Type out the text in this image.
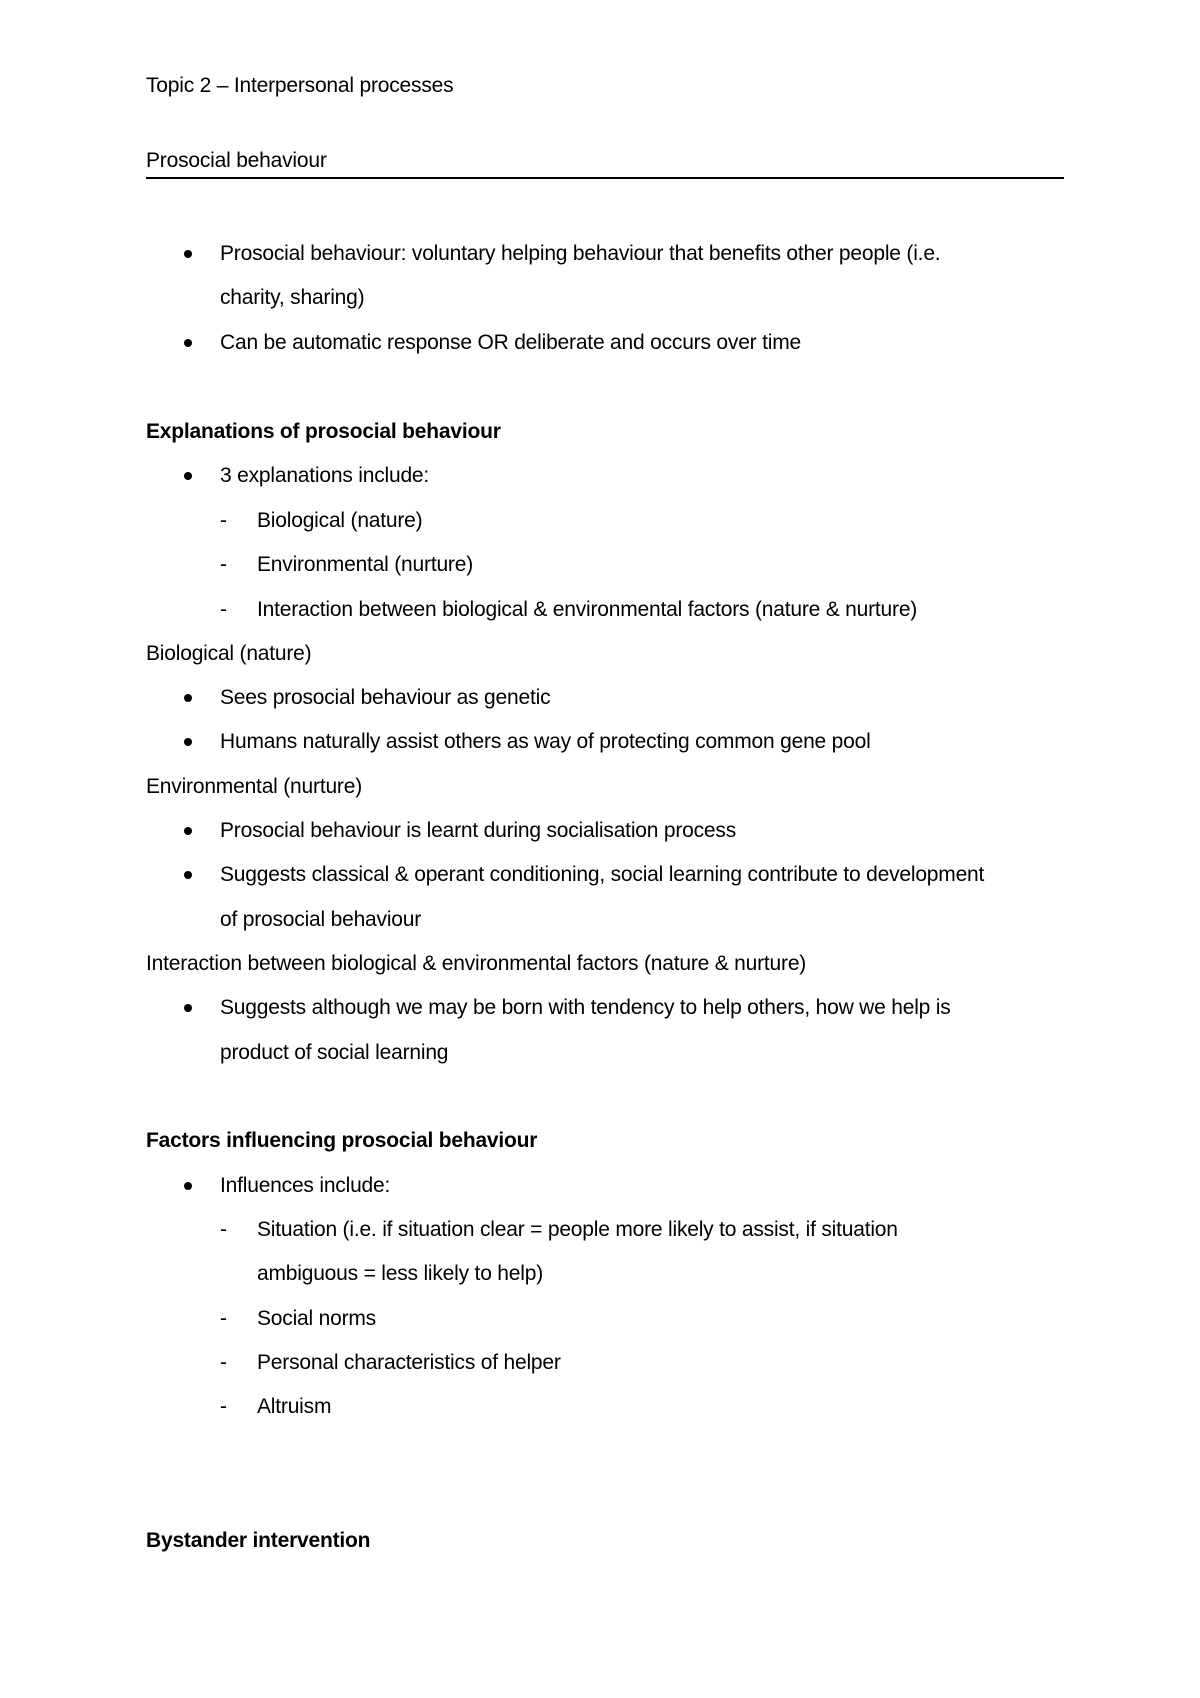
Topic 2 – Interpersonal processes
Prosocial behaviour
Prosocial behaviour: voluntary helping behaviour that benefits other people (i.e.
charity, sharing)
Can be automatic response OR deliberate and occurs over time
Explanations of prosocial behaviour
3 explanations include:
- Biological (nature)
- Environmental (nurture)
- Interaction between biological & environmental factors (nature & nurture)
Biological (nature)
Sees prosocial behaviour as genetic
Humans naturally assist others as way of protecting common gene pool
Environmental (nurture)
Prosocial behaviour is learnt during socialisation process
Suggests classical & operant conditioning, social learning contribute to development
of prosocial behaviour
Interaction between biological & environmental factors (nature & nurture)
Suggests although we may be born with tendency to help others, how we help is
product of social learning
Factors influencing prosocial behaviour
Influences include:
- Situation (i.e. if situation clear = people more likely to assist, if situation
ambiguous = less likely to help)
- Social norms
- Personal characteristics of helper
- Altruism
Bystander intervention
